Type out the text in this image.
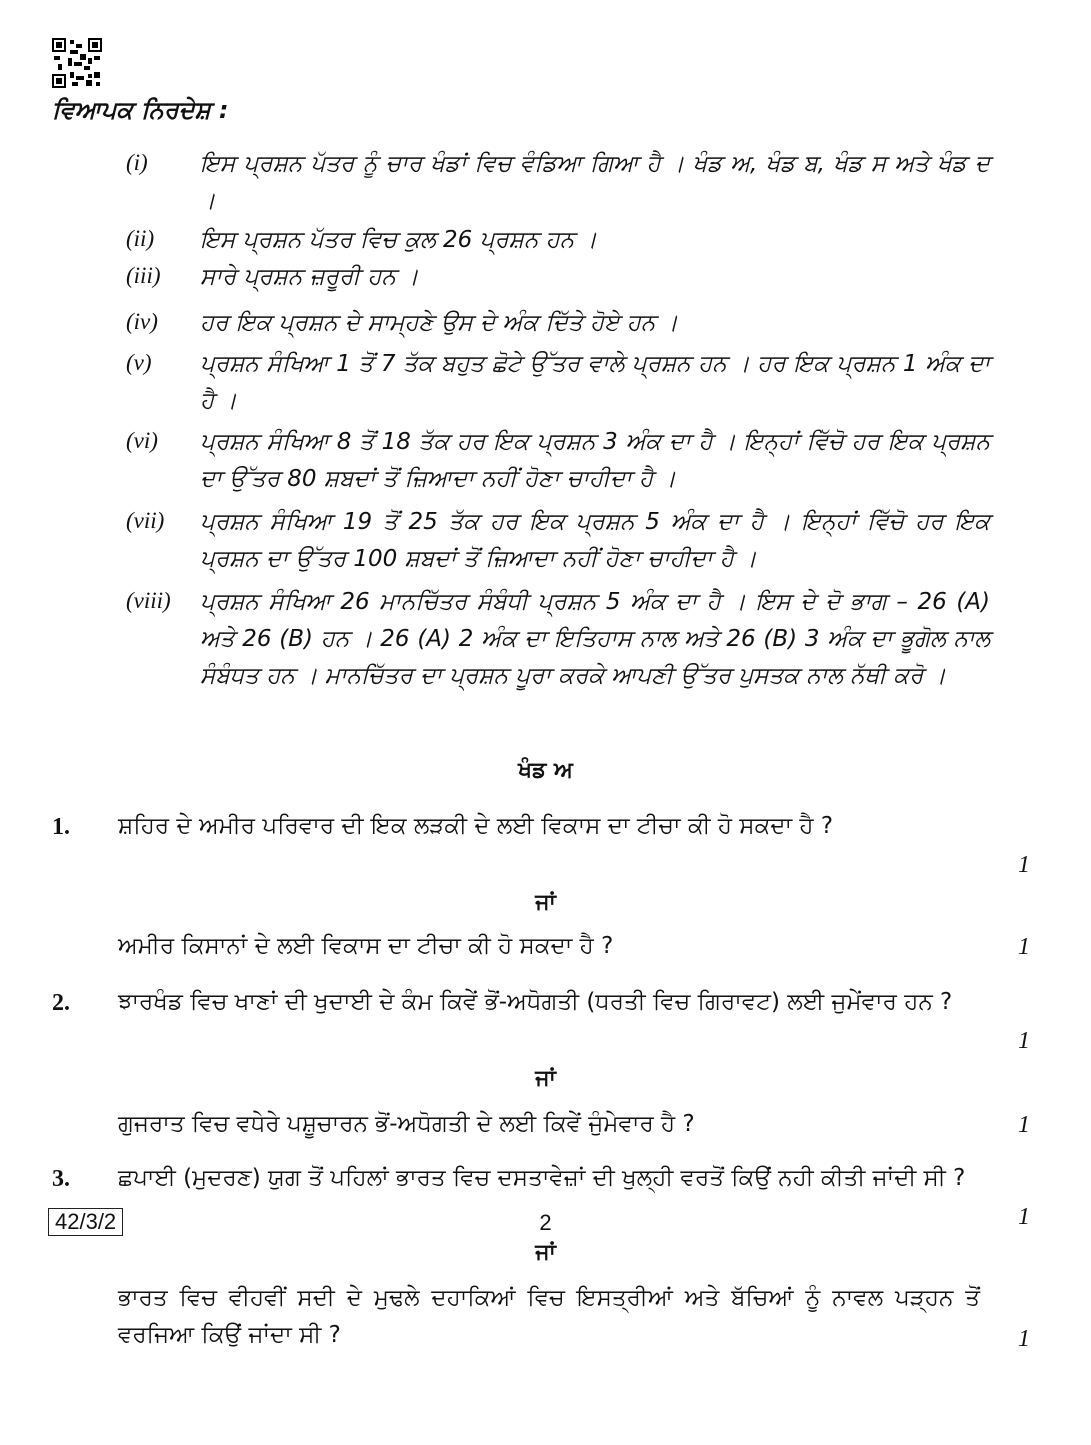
ਵਿਆਪਕ ਨਿਰਦੇਸ਼ :
(i)	ਇਸ ਪ੍ਰਸ਼ਨ ਪੱਤਰ ਨੂੰ ਚਾਰ ਖੰਡਾਂ ਵਿਚ ਵੰਡਿਆ ਗਿਆ ਹੈ । ਖੰਡ ਅ, ਖੰਡ ਬ, ਖੰਡ ਸ ਅਤੇ ਖੰਡ ਦ ।
(ii)	ਇਸ ਪ੍ਰਸ਼ਨ ਪੱਤਰ ਵਿਚ ਕੁਲ 26 ਪ੍ਰਸ਼ਨ ਹਨ ।
(iii)	ਸਾਰੇ ਪ੍ਰਸ਼ਨ ਜ਼ਰੂਰੀ ਹਨ ।
(iv)	ਹਰ ਇਕ ਪ੍ਰਸ਼ਨ ਦੇ ਸਾਮ੍ਹਣੇ ਉਸ ਦੇ ਅੰਕ ਦਿੱਤੇ ਹੋਏ ਹਨ ।
(v)	ਪ੍ਰਸ਼ਨ ਸੰਖਿਆ 1 ਤੋਂ 7 ਤੱਕ ਬਹੁਤ ਛੋਟੇ ਉੱਤਰ ਵਾਲੇ ਪ੍ਰਸ਼ਨ ਹਨ । ਹਰ ਇਕ ਪ੍ਰਸ਼ਨ 1 ਅੰਕ ਦਾ ਹੈ ।
(vi)	ਪ੍ਰਸ਼ਨ ਸੰਖਿਆ 8 ਤੋਂ 18 ਤੱਕ ਹਰ ਇਕ ਪ੍ਰਸ਼ਨ 3 ਅੰਕ ਦਾ ਹੈ । ਇਨ੍ਹਾਂ ਵਿੱਚੋ ਹਰ ਇਕ ਪ੍ਰਸ਼ਨ ਦਾ ਉੱਤਰ 80 ਸ਼ਬਦਾਂ ਤੋਂ ਜ਼ਿਆਦਾ ਨਹੀਂ ਹੋਣਾ ਚਾਹੀਦਾ ਹੈ ।
(vii)	ਪ੍ਰਸ਼ਨ ਸੰਖਿਆ 19 ਤੋਂ 25 ਤੱਕ ਹਰ ਇਕ ਪ੍ਰਸ਼ਨ 5 ਅੰਕ ਦਾ ਹੈ । ਇਨ੍ਹਾਂ ਵਿੱਚੋ ਹਰ ਇਕ ਪ੍ਰਸ਼ਨ ਦਾ ਉੱਤਰ 100 ਸ਼ਬਦਾਂ ਤੋਂ ਜ਼ਿਆਦਾ ਨਹੀਂ ਹੋਣਾ ਚਾਹੀਦਾ ਹੈ ।
(viii)	ਪ੍ਰਸ਼ਨ ਸੰਖਿਆ 26 ਮਾਨਚਿੱਤਰ ਸੰਬੰਧੀ ਪ੍ਰਸ਼ਨ 5 ਅੰਕ ਦਾ ਹੈ । ਇਸ ਦੇ ਦੋ ਭਾਗ – 26 (A) ਅਤੇ 26 (B) ਹਨ । 26 (A) 2 ਅੰਕ ਦਾ ਇਤਿਹਾਸ ਨਾਲ ਅਤੇ 26 (B) 3 ਅੰਕ ਦਾ ਭੂਗੋਲ ਨਾਲ ਸੰਬੰਧਤ ਹਨ । ਮਾਨਚਿੱਤਰ ਦਾ ਪ੍ਰਸ਼ਨ ਪੂਰਾ ਕਰਕੇ ਆਪਣੀ ਉੱਤਰ ਪੁਸਤਕ ਨਾਲ ਨੱਥੀ ਕਰੋ ।
ਖੰਡ ਅ
1. ਸ਼ਹਿਰ ਦੇ ਅਮੀਰ ਪਰਿਵਾਰ ਦੀ ਇਕ ਲੜਕੀ ਦੇ ਲਈ ਵਿਕਾਸ ਦਾ ਟੀਚਾ ਕੀ ਹੋ ਸਕਦਾ ਹੈ ?
1
ਜਾਂ
ਅਮੀਰ ਕਿਸਾਨਾਂ ਦੇ ਲਈ ਵਿਕਾਸ ਦਾ ਟੀਚਾ ਕੀ ਹੋ ਸਕਦਾ ਹੈ ?	1
2. ਝਾਰਖੰਡ ਵਿਚ ਖਾਣਾਂ ਦੀ ਖੁਦਾਈ ਦੇ ਕੰਮ ਕਿਵੇਂ ਭੋਂ-ਅਧੋਗਤੀ (ਧਰਤੀ ਵਿਚ ਗਿਰਾਵਟ) ਲਈ ਜੁਮੇਂਵਾਰ ਹਨ ?
1
ਜਾਂ
ਗੁਜਰਾਤ ਵਿਚ ਵਧੇਰੇ ਪਸ਼ੂਚਾਰਨ ਭੋਂ-ਅਧੋਗਤੀ ਦੇ ਲਈ ਕਿਵੇਂ ਜੁੰਮੇਵਾਰ ਹੈ ?	1
3. ਛਪਾਈ (ਮੁਦਰਣ) ਯੁਗ ਤੋਂ ਪਹਿਲਾਂ ਭਾਰਤ ਵਿਚ ਦਸਤਾਵੇਜ਼ਾਂ ਦੀ ਖੁਲ੍ਹੀ ਵਰਤੋਂ ਕਿਉਂ ਨਹੀ ਕੀਤੀ ਜਾਂਦੀ ਸੀ ?
1
ਜਾਂ
ਭਾਰਤ ਵਿਚ ਵੀਹਵੀਂ ਸਦੀ ਦੇ ਮੁਢਲੇ ਦਹਾਕਿਆਂ ਵਿਚ ਇਸਤ੍ਰੀਆਂ ਅਤੇ ਬੱਚਿਆਂ ਨੂੰ ਨਾਵਲ ਪੜ੍ਹਨ ਤੋਂ ਵਰਜਿਆ ਕਿਉਂ ਜਾਂਦਾ ਸੀ ?	1
42/3/2	2
